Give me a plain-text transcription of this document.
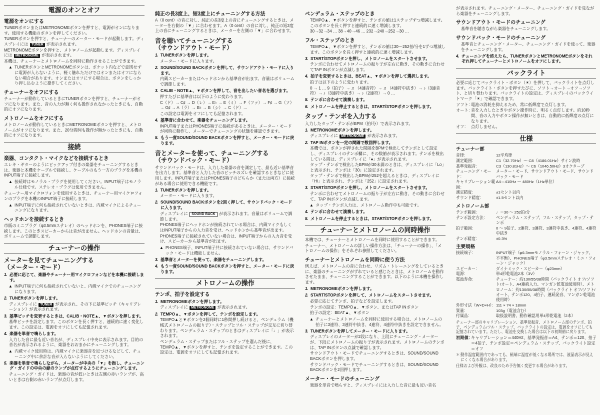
電源のオンとオフ
電源をオンにする
TUNERボタンまたはMETRONOMEボタンを押すと、電源がオンになります。使用する機能のボタンを押してください。
TUNERボタンを押すと、チューナーのメーター・モードが起動します。ディスプレイには TUNER が表示されます。
METRONOMEボタンを押すと、メトロノームが起動します。ディスプレイには METRONOME が表示されます。
本機は、チューナーとメトロノームを同時に動作させることができます。
▲ TUNERボタンとMETRONOMEボタンは、ポケット内などで意図せずに電源が入らないように、軽く触れただけではオンまたはオフにならない場合があります。オンまたはオフにする場合は、ボタンをしっかり押し込むように操作してください。
チューナーをオフにする
チューナーが動作しているときにTUNERボタンを押すと、チューナーがオフになります。また、音の入力が無く何も操作されなかったときにも、自動的にオフになります。
メトロノームをオフにする
メトロノームが動作しているときにMETRONOMEボタンを押すと、メトロノームがオフになります。また、20分間何も操作が無かったときにも、自動的にオフになります。
接続
楽器、コンタクト・マイクなどを接続するとき
エレキ・ギターのようにピックアップ付きの楽器をチューニングするときは、楽器と本機をケーブルで接続し、ケーブルのもう一方のプラグを本機のINPUT端子に接続します。
▲ 接続時はモノラル・プラグを使用してください。INPUT端子はモノラル仕様です。ステレオ・プラグは使用できません。
チューナー用マイクロフォンを使用するときは、チューナー用マイクロフォンのプラグを本機のINPUT端子に接続します。
▲ INPUT端子に何も接続されていないときは、内蔵マイクによるチューニングになります。
ヘッドホンを接続するとき
市販のミニプラグ（φ3.5mmステレオ）のヘッドホンを、PHONES端子に接続します。このときスピーカーからは音が出ません。ヘッドホンの音量は、ボリュームで調節します。
チューナーの操作
メーターを見てチューニングする
（メーター・モード）
1. 必要に応じて、楽器やチューナー用マイクロフォンなどを本機に接続します。
▲ INPUT端子に何も接続されていないと、内蔵マイクでのチューニングになります。
2. TUNERボタンを押します。
ディスプレイに TUNER が表示され、その下に基準ピッチ（キャリブレーション）が表示されます。
3. 基準ピッチを変更するときは、CALIB・NOTE▲、▼ボタンを押します。
基準ピッチを設定します。このボタンを長く押すと、連続的に速く変化します。この設定は、電源をオフにしても記憶されます。
4. 楽器を単音で鳴らします。
入力した音に最も近い音名が、ディスプレイ中央に表示されます。目的の音名が表示されるように、楽器をおおまかにチューニングします。
▲ 内蔵マイク使用時は、内蔵マイクに楽器音を近づけるなどして、チューニング中に余計な音が入らないようにしてください。
5. 楽器を単音で鳴らしながら、メーターが中央の「▼」を指し、チューニング・ガイドの中央の緑のランプが点灯するようにチューニングします。
チューニング・ガイドは、楽器の音が低いときは左側の赤いランプが、高いときは右側の赤いランプが点灯します。
純正の長3度上、短3度上にチューニングする方法
A（0 cent）の音に対し、純正の長3度上の音にチューニングするときは、メーターを右側の「▼」に合わせます。A（0 cent）の音に対し、純正の短3度上の音にチューニングするときは、メーターを左側の「▼」に合わせます。
音を聴いてチューニングする
（サウンドアウト・モード）
1. TUNERボタンを押します。
メーター・モードに入ります。
2. SOUND/SOUND BACKボタンを押して、サウンドアウト・モードに入ります。
内蔵スピーカーまたはヘッドホンから基準音が出ます。音量はボリュームで調節します。
3. CALIB・NOTE▲、▼ボタンを押して、音を出したい音名を選びます。
押すたびに基準音は以下のように変わります。
C（ド）→ C♯ → D（レ）→ E♭ → E（ミ）→ F（ファ）→ F♯ → G（ソ）→ G♯ → A（ラ）→ B♭ → B（シ）→ C（ド）…
この設定は電源をオフにしても記憶されます。
4. 基準音に合わせて、楽器をチューニングします。
INPUT端子またはPHONES端子に接続があるときは、メーター・モードが同時に動作し、メーターでチューニングの状態を確認できます。
5. もう一度SOUND/SOUND BACKボタンを押すと、メーター・モードに戻ります。
音とメーターを使って、チューニングする
（サウンドバック・モード）
サウンドバック・モードは、入力した楽器の音を測定して、最も近い基準音を出力します。基準音と入力した音のピッチのズレを確認するときなどに使用します。INPUT端子またはPHONES端子のどちらか（または両方）に接続がある場合に使用できる機能です。
1. TUNERボタンを押します。
メーター・モードに入ります。
2. SOUND/SOUND BACKボタンを2回く押して、サウンドバック・モードに入ります。
ディスプレイに SOUND BACK が表示されます。音量はボリュームで調節します。
PHONES端子にヘッドホンが接続されている場合は、内蔵マイクもしくはINPUT端子からの入力音を受け、ヘッドホンから基準音が出ます。
PHONES端子に接続されていない場合は、INPUT端子からの入力音を受け、スピーカーから基準音が出ます。
▲ PHONES端子、INPUT端子共に接続されていない場合は、サウンドバック・モードは機能しません。
3. 基準音とメーターを使って、楽器をチューニングします。
4. もう一度SOUND/SOUND BACKボタンを押すと、メーター・モードに戻ります。
メトロノームの操作
テンポ、拍子を設定する
1. METRONOMEボタンを押します。
ディスプレイに METRONOME が表示されます。
2. TEMPO▲、▼ボタンを押して、テンポを設定します。
TEMPO▲と▼ボタンを2個同時に1秒間押し続けると、ペンデュラム（機械式メトロノームの振り子）・ステップとフル・ステップが交互に切り替わります。ペンデュラム・ステップのときはディスプレイに「♩」が表示されます。
ペンデュラム・ステップまたはフル・ステップを選んだ後に、TEMPO▲、▼ボタンを押すと、テンポを設定することができます。この設定は、電源をオフにしても記憶されます。
ペンデュラム・ステップのとき
TEMPO▲、▼ボタンを押すと、テンポの値は1ステップずつ増減します。このボタンを長く押すと連続的に速く増減します。
30→32→34 … 38→40→46 … 232→240→252→30 …
フル・ステップのとき
TEMPO▲、▼ボタンを押すと、テンポの値は30〜252拍/分を1ずつ増減します。このボタンを長く押すと連続的に速く増減します。
3. START/STOPボタンを押し、メトロノームをスタートさせます。
テンポに合わせてメトロノームの振り子が左右に動き、その動きに合わせてTAP INボタンが点滅します。
4. 拍子を変更するときは、BEAT▲、▼ボタンを押して選択します。
拍子は以下のように変わります。
0 → 1 … 9（拍子）→ ♬（4連音符）→ ♬（4連符中抜き）→ ♪（3連音符）→ ♪（3連符中抜き）→ ♪（2連符）→ 0 …
5. テンポに合わせて演奏します。
6. メトロノームを停止するときは、START/STOPボタンを押します。
タップ・テンポを入力する
入力したタップ・テンポがBPM（拍/分）で表示されます。
1. METRONOMEボタンを押します。
ディスプレイに METRONOME が表示されます。
2. TAP INボタンを一定の間隔で数回押します。
本機では、ボタンが押された間隔をBPMで検出してテンポとして設定し、ディスプレイのテンポ欄に、その数値が表示されます。テンポを検出している間は、ディスプレイに「●」が表示されます。
タップ・テンポで検出したBPMが30未満のときは、ディスプレイに「Lo」と表示され、テンポは「30」に設定されます。
タップ・テンポで検出したBPMが252を超えるときは、ディスプレイに「Hi」と表示され、テンポは「252」に設定されます。
3. START/STOPボタンを押し、メトロノームをスタートさせます。
テンポに合わせてメトロノームの振り子が左右に動き、その動きに合わせて、TAP INボタンが点滅します。
▲ タップ・テンポ入力は、メトロノーム動作中も可能です。
4. テンポに合わせて演奏します。
5. メトロノームを停止するときは、START/STOPボタンを押します。
チューナーとメトロノームの同時操作
本機では、チューナーとメトロノームを同時に使用することができます。
チューナー、メトロノームの詳しい操作方法は、「チューナーの操作」、「メトロノームの操作」をそれぞれ参照してください。
チューナーとメトロノームを同時に使う方法
例えば、メトロノームの音に合わせ、リズム・トレーニングをしているときに、楽器のチューニングがずれていると感じたときは、メトロノームを動作させたまま、チューニングすることができます。以下のように本機を操作します。
1. METRONOMEボタンを押します。
2. START/STOPボタンを押して、メトロノームをスタートさせます。
必要に応じてテンポ、拍子などを設定します。
テンポの設定：TEMPO▲、▼ボタン、またはTAP INボタン
拍子の設定：BEAT▲、▼ボタン
▲ チューナーとメトロノームを同時に使用する場合は、メトロノームの拍子に3連符、3連符中抜き、4連符、4連符中抜きを設定できません。
3. TUNERボタンを押してメーター・モードに入ります。
ディスプレイのメーターが2段になり、上段にチューニング・メーターが、下段にメトロノームの振り子が表示されます。メトロノームのテンポは、TAP INボタンの点滅で確認します。
サウンドアウト・モードでチューニングするときは、SOUND/SOUND BACKボタンを押します。
サウンドバック・モードでチューニングするときは、SOUND/SOUND BACKボタンを2回押します。
メーター・モードのチューニング
楽器を単音で鳴らすと、ディスプレイには入力した音に最も近い音名
が表示されます。チューニング・メーター、チューニング・ガイドを見ながら楽器をチューニングします。
サウンドアウト・モードのチューニング
基準音を聴きながら楽器をチューニングします。
サウンドバック・モードのチューニング
基準音とチューニング・メーター、チューニング・ガイドを使って、楽器をチューニングします。
4. チューニングを終えたら、TUNERボタンとMETRONOMEボタンをそれぞれ押してチューナーとメトロノームをオフにします。
バックライト
必要に応じてバックライト・ボタン（☀）を押して、バックライトを点灯します。バックライト・ボタンを押すたびに、ソフト→オート→オフ→ソフト、と切り替わります。バックライトの設定は、ディスプレイのバックライトマーク「☀」で確認できます。
ソフト：
電池の消耗を抑えるため、常に低輝度で点灯します。
オート：
音を入力したときやボタン操作時に、明るく点灯します。約10秒間、音の入力やボタン操作が無いときは、自動的に低輝度の点灯になります。
オフ： 点灯しません。
仕様
チューナー部
音律：	12平均律
測定範囲：	C1（32.70Hz）〜 C8（4186.01Hz）サイン波時
基準発振音：	C3（130.81Hz）〜 C6（1046.50Hz）3オクターブ
チューニング・モード：
メーター・モード、サウンドアウト・モード、サウンドバック・モード
キャリブレーション範囲：
A4＝410Hz 〜 480Hz（1Hz単位）
測定精度：	±1セント以内
サウンド精度：	±1.5セント以内
メトロノーム部
テンポ範囲：	♩＝30 〜 252拍/分
テンポ設定方法：	ペンデュラム・ステップ、フル・ステップ、タップ・テンポ
拍子範囲：	0 〜 9拍子、2連符、3連符、3連符中抜き、4連符、4連符中抜き
テンポ精度：	±0.3%
主要規格
接続端子：	INPUT端子（φ6.3mmモノラル・フォーン・ジャック、不平衡）、PHONES端子（φ3.5mmステレオ・ミニ・フォーン・ジャック）
スピーカー：	ダイナミック・スピーカー（φ23mm）
電源：	単4形乾電池2本（3V）
電池寿命：	チューナー：約130/55/38時間（バックライト オフ/ソフト/オート、A4連続入力、マンガン乾電池使用時）、メトロノーム：約130/55/38時間（バックライト オフ/ソフト/オート、テンポ120、4拍子、連続発音、マンガン乾電池使用時）
外形寸法（W×D×H）： 111 × 74 × 18mm
質量：	103g（電池含む）
付属品：	取扱説明書、動作確認用単4形乾電池（2本）
チューナー部のキャリブレーション、基準発振音、メトロノーム部のテンポ、拍子、ペンデュラム/フル・ステップ、バックライトの設定は、電源をオフにしても記憶されています。ただし、電池を交換した場合は以下の初期値に戻ります。
初期値：
キャリブレーション＝440Hz、基準発振音＝A4、テンポ＝120、拍子＝4拍子、テンポ設定＝ペンデュラム・ステップ、バックライト設定＝オフ
＊ 動作温度範囲内であっても、極端に温度が低くなる場所では、液晶表示が見えにくくなる場合があります。
仕様および外観は、改良のため予告無く変更する場合があります。
